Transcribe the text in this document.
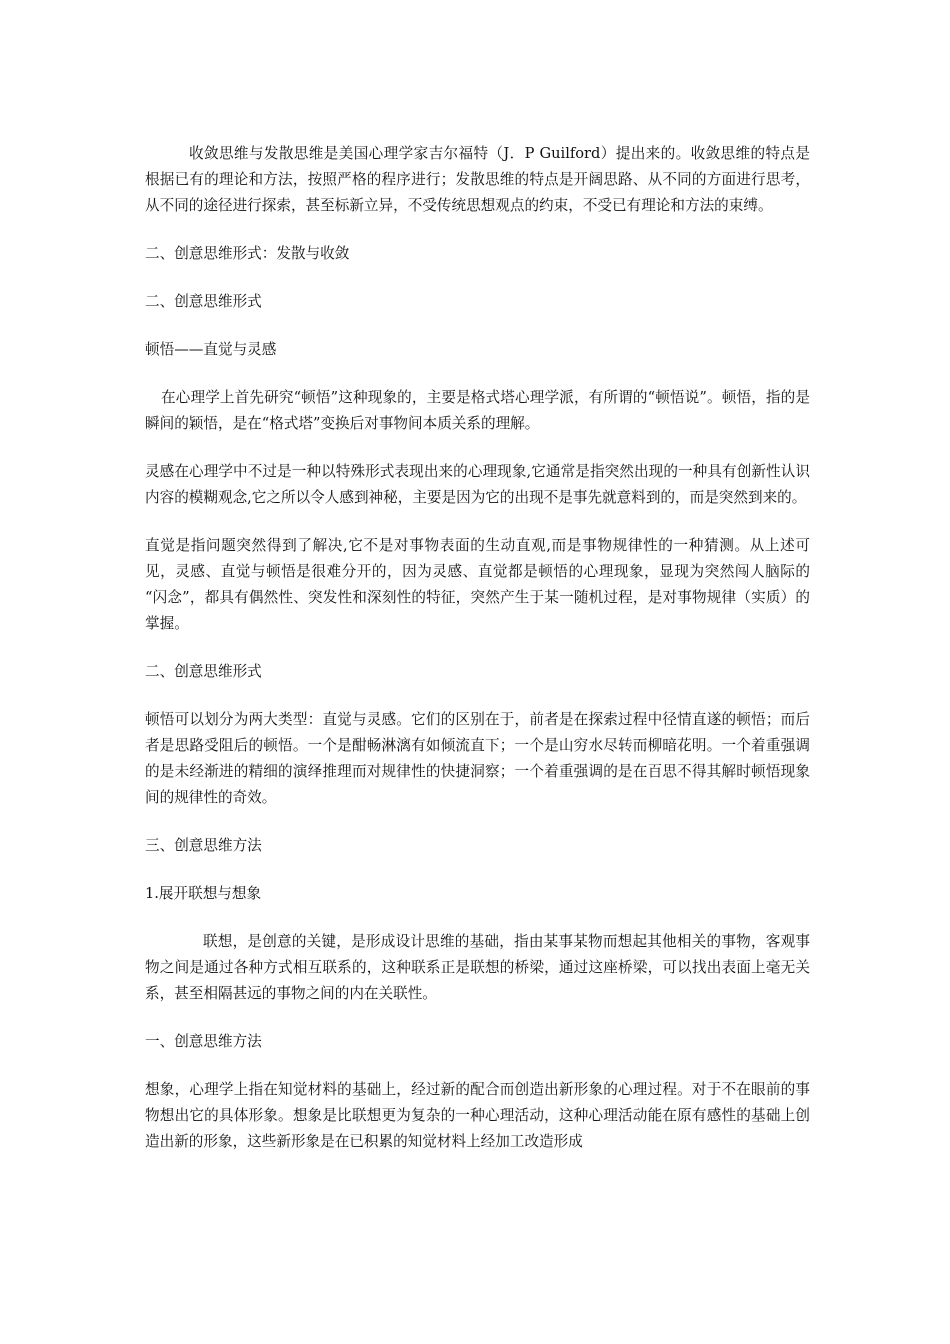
收敛思维与发散思维是美国心理学家吉尔福特（J．P Guilford）提出来的。收敛思维的特点是根据已有的理论和方法，按照严格的程序进行；发散思维的特点是开阔思路、从不同的方面进行思考，从不同的途径进行探索，甚至标新立异，不受传统思想观点的约束，不受已有理论和方法的束缚。

二、创意思维形式：发散与收敛

二、创意思维形式

顿悟——直觉与灵感

在心理学上首先研究“顿悟”这种现象的，主要是格式塔心理学派，有所谓的“顿悟说”。顿悟，指的是瞬间的颖悟，是在“格式塔”变换后对事物间本质关系的理解。

灵感在心理学中不过是一种以特殊形式表现出来的心理现象,它通常是指突然出现的一种具有创新性认识内容的模糊观念,它之所以令人感到神秘，主要是因为它的出现不是事先就意料到的，而是突然到来的。

直觉是指问题突然得到了解决,它不是对事物表面的生动直观,而是事物规律性的一种猜测。从上述可见，灵感、直觉与顿悟是很难分开的，因为灵感、直觉都是顿悟的心理现象，显现为突然闯人脑际的 “闪念”，都具有偶然性、突发性和深刻性的特征，突然产生于某一随机过程，是对事物规律（实质）的掌握。

二、创意思维形式

顿悟可以划分为两大类型：直觉与灵感。它们的区别在于，前者是在探索过程中径情直遂的顿悟；而后者是思路受阻后的顿悟。一个是酣畅淋漓有如倾流直下；一个是山穷水尽转而柳暗花明。一个着重强调的是未经渐进的精细的演绎推理而对规律性的快捷洞察；一个着重强调的是在百思不得其解时顿悟现象间的规律性的奇效。

三、创意思维方法

1.展开联想与想象

联想，是创意的关键，是形成设计思维的基础，指由某事某物而想起其他相关的事物，客观事物之间是通过各种方式相互联系的，这种联系正是联想的桥梁，通过这座桥梁，可以找出表面上毫无关系，甚至相隔甚远的事物之间的内在关联性。

一、创意思维方法

想象，心理学上指在知觉材料的基础上，经过新的配合而创造出新形象的心理过程。对于不在眼前的事物想出它的具体形象。想象是比联想更为复杂的一种心理活动，这种心理活动能在原有感性的基础上创造出新的形象，这些新形象是在已积累的知觉材料上经加工改造形成
